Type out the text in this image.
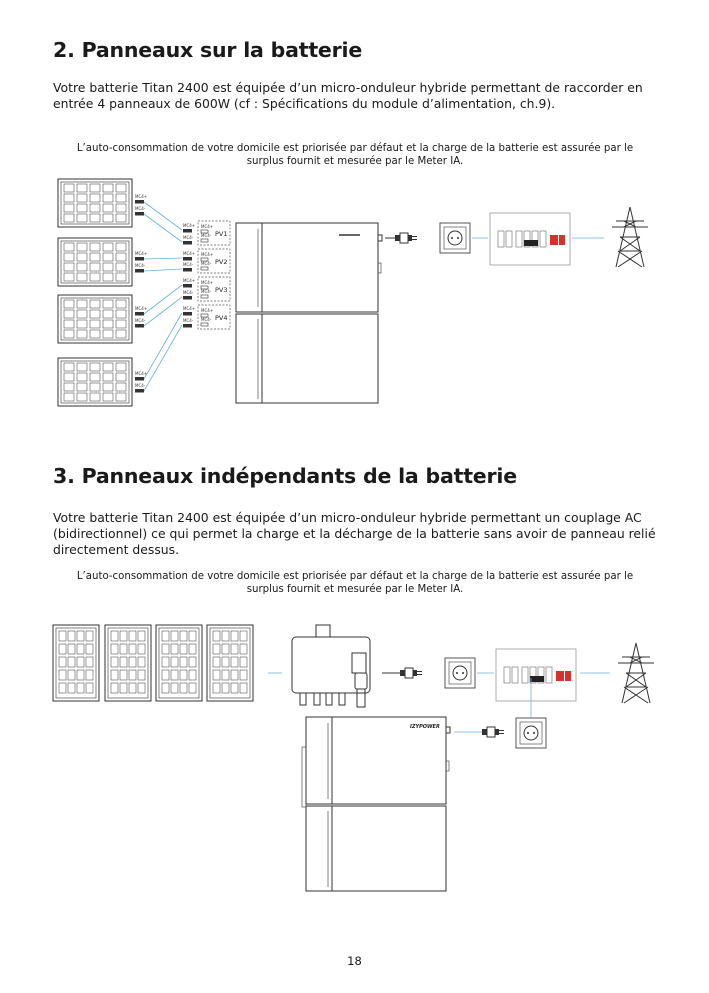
2. Panneaux sur la batterie

Votre batterie Titan 2400 est équipée d’un micro-onduleur hybride permettant de raccorder en entrée 4 panneaux de 600W (cf : Spécifications du module d’alimentation, ch.9).

L’auto-consommation de votre domicile est priorisée par défaut et la charge de la batterie est assurée par le surplus fournit et mesurée par le Meter IA.

MC4+
MC4-
MC4+
MC4-
MC4+
MC4-
MC4+
MC4-
MC4+
MC4-
MC4+
MC4-
MC4+
MC4-
MC4+
MC4-
MC4+
MC4-
MC4+
MC4-
MC4+
MC4-
MC4+
MC4-
PV1
PV2
PV3
PV4
3. Panneaux indépendants de la batterie

Votre batterie Titan 2400 est équipée d’un micro-onduleur hybride permettant un couplage AC (bidirectionnel) ce qui permet la charge et la décharge de la batterie sans avoir de panneau relié directement dessus.

L’auto-consommation de votre domicile est priorisée par défaut et la charge de la batterie est assurée par le surplus fournit et mesurée par le Meter IA.

IZYPOWER
18
